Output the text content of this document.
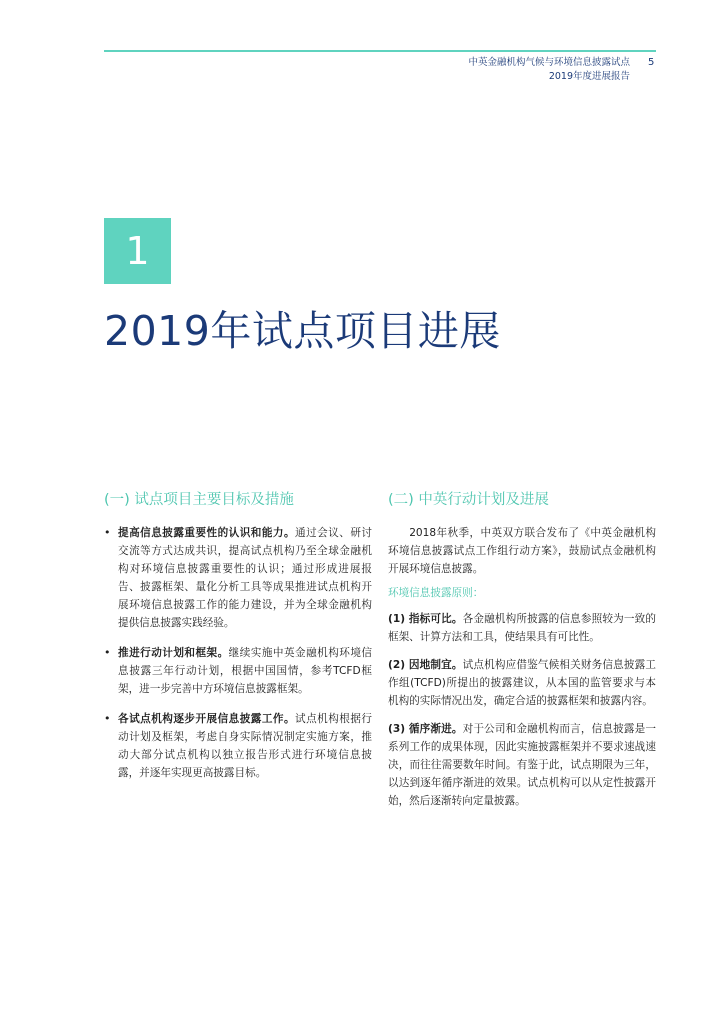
中英金融机构气候与环境信息披露试点
2019年度进展报告
5
1
2019年试点项目进展
(一) 试点项目主要目标及措施
• 提高信息披露重要性的认识和能力。通过会议、研讨交流等方式达成共识，提高试点机构乃至全球金融机构对环境信息披露重要性的认识；通过形成进展报告、披露框架、量化分析工具等成果推进试点机构开展环境信息披露工作的能力建设，并为全球金融机构提供信息披露实践经验。
• 推进行动计划和框架。继续实施中英金融机构环境信息披露三年行动计划，根据中国国情，参考TCFD框架，进一步完善中方环境信息披露框架。
• 各试点机构逐步开展信息披露工作。试点机构根据行动计划及框架，考虑自身实际情况制定实施方案，推动大部分试点机构以独立报告形式进行环境信息披露，并逐年实现更高披露目标。
(二) 中英行动计划及进展

2018年秋季，中英双方联合发布了《中英金融机构环境信息披露试点工作组行动方案》，鼓励试点金融机构开展环境信息披露。

环境信息披露原则：

(1) 指标可比。各金融机构所披露的信息参照较为一致的框架、计算方法和工具，使结果具有可比性。

(2) 因地制宜。试点机构应借鉴气候相关财务信息披露工作组(TCFD)所提出的披露建议，从本国的监管要求与本机构的实际情况出发，确定合适的披露框架和披露内容。

(3) 循序渐进。对于公司和金融机构而言，信息披露是一系列工作的成果体现，因此实施披露框架并不要求速战速决，而往往需要数年时间。有鉴于此，试点期限为三年，以达到逐年循序渐进的效果。试点机构可以从定性披露开始，然后逐渐转向定量披露。
